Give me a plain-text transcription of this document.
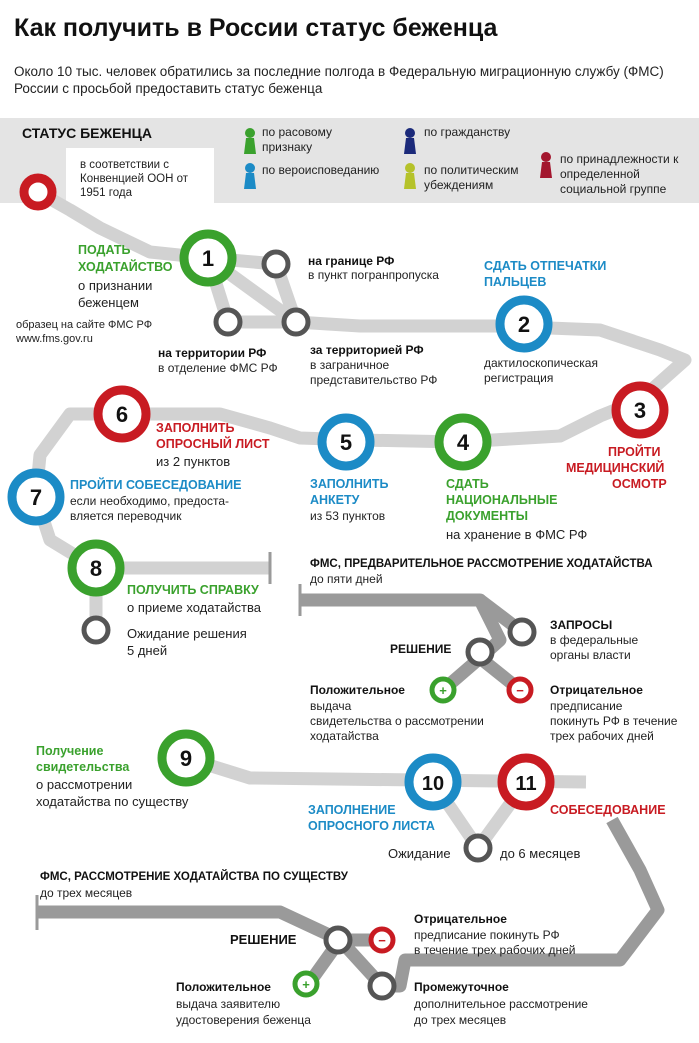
Как получить в России статус беженца
Около 10 тыс. человек обратились за последние полгода в Федеральную миграционную службу (ФМС) России с просьбой предоставить статус беженца
СТАТУС БЕЖЕНЦА
в соответствии с Конвенцией ООН от 1951 года
+	−
−
+
1
2
3
4
5
6
7
8
9
10	11
по расовому признаку
по вероисповеданию
по гражданству
по политическим убеждениям
по принадлежности к определенной социальной группе
ПОДАТЬ
ХОДАТАЙСТВО
о признании
беженцем
образец на сайте ФМС РФ
www.fms.gov.ru
на границе РФ
в пункт погранпропуска
на территории РФ
в отделение ФМС РФ
за территорией РФ
в заграничное
представительство РФ
СДАТЬ ОТПЕЧАТКИ
ПАЛЬЦЕВ
дактилоскопическая
регистрация
ПРОЙТИ
МЕДИЦИНСКИЙ
ОСМОТР
СДАТЬ
НАЦИОНАЛЬНЫЕ
ДОКУМЕНТЫ
на хранение в ФМС РФ
ЗАПОЛНИТЬ
АНКЕТУ
из 53 пунктов
ЗАПОЛНИТЬ
ОПРОСНЫЙ ЛИСТ
из 2 пунктов
ПРОЙТИ СОБЕСЕДОВАНИЕ
если необходимо, предоста-
вляется переводчик
ПОЛУЧИТЬ СПРАВКУ
о приеме ходатайства
Ожидание решения
5 дней
ФМС, ПРЕДВАРИТЕЛЬНОЕ РАССМОТРЕНИЕ ХОДАТАЙСТВА
до пяти дней
ЗАПРОСЫ
в федеральные
органы власти
РЕШЕНИЕ
Положительное
выдача
свидетельства о рассмотрении
ходатайства
Отрицательное
предписание
покинуть РФ в течение
трех рабочих дней
Получение
свидетельства
о рассмотрении
ходатайства по существу
ЗАПОЛНЕНИЕ
ОПРОСНОГО ЛИСТА
СОБЕСЕДОВАНИЕ
Ожидание	до 6 месяцев
ФМС, РАССМОТРЕНИЕ ХОДАТАЙСТВА ПО СУЩЕСТВУ
до трех месяцев
РЕШЕНИЕ
Отрицательное
предписание покинуть РФ
в течение трех рабочих дней
Положительное
выдача заявителю
удостоверения беженца
Промежуточное
дополнительное рассмотрение
до трех месяцев
